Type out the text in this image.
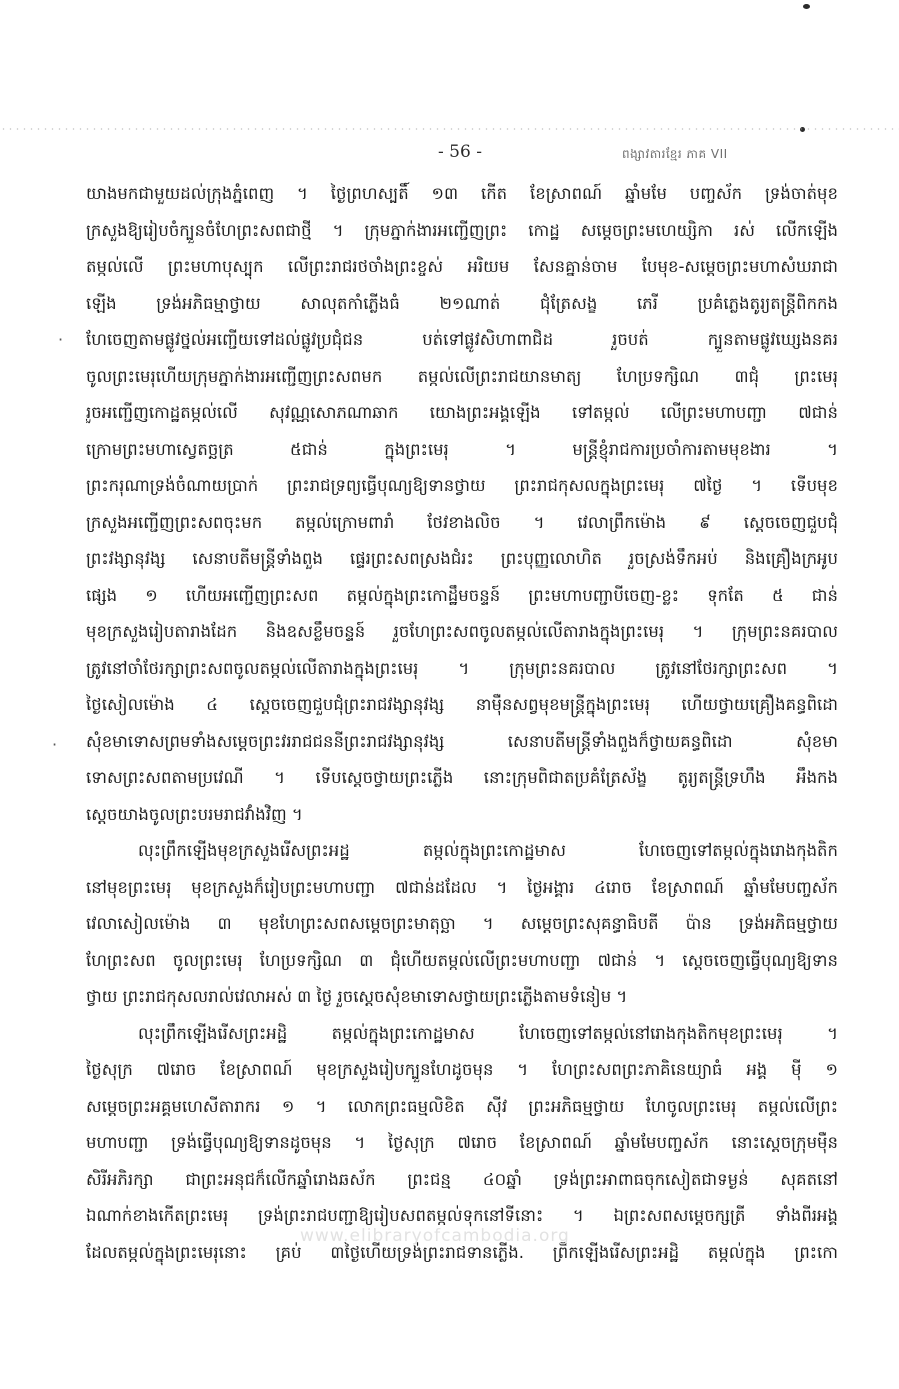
·
·
- 56 -	ពង្សាវតារខ្មែរ ភាគ VII
យាងមកជាមួយដល់ក្រុងភ្នំពេញ ។ ថ្ងៃព្រហស្បតិ៍ ១៣ កើត ខែស្រាពណ៍ ឆ្នាំមមែ បញ្ចស័ក ទ្រង់ចាត់មុខ
ក្រសួងឱ្យរៀបចំក្បួនចំហែព្រះសពជាថ្មី ។ ក្រុមភ្នាក់ងារអញ្ជើញព្រះ កោដ្ឋ សម្តេចព្រះមហេយ្សិកា រស់ លើកឡើង
តម្កល់លើ ព្រះមហាបុស្បុក លើព្រះរាជរថចាំងព្រះខ្ចស់ អរិយម សែនគ្នាន់ចាម បែមុខ-សម្តេចព្រះមហាសំឃរាជា
ឡើង ទ្រង់អភិធម្មាថ្វាយ សាលុតកាំភ្លើងធំ ២១ណាត់ ជុំត្រែសង្ខ ភេរី ប្រគំភ្លេងតូរ្យតន្ត្រីពិកកង
ហែចេញតាមផ្លូវថ្នល់អញ្ជើយទៅដល់ផ្លូវប្រជុំជន បត់ទៅផ្លូវសិហាពាជិដ រួចបត់ ក្បួនតាមផ្លូវឃ្សេងនគរ
ចូលព្រះមេរុហើយក្រុមភ្នាក់ងារអញ្ជើញព្រះសពមក តម្កល់លើព្រះរាជយានមាត្យ ហែប្រទក្សិណ ៣ជុំ ព្រះមេរុ
រួចអញ្ជើញកោដ្ឋតម្កល់លើ សុវណ្ណសោភណាឆាក យោងព្រះអង្គឡើង ទៅតម្កល់ លើព្រះមហាបញ្ជា ៧ជាន់
ក្រោមព្រះមហាសេ្វតច្ឆត្រ ៥ជាន់ ក្នុងព្រះមេរុ ។ មន្ត្រីខ្ញុំរាជការប្រចាំការតាមមុខងារ ។
ព្រះករុណាទ្រង់ចំណាយប្រាក់ ព្រះរាជទ្រព្យធ្វើបុណ្យឱ្យទានថ្វាយ ព្រះរាជកុសលក្នុងព្រះមេរុ ៧ថ្ងៃ ។ ទើបមុខ
ក្រសួងអញ្ជើញព្រះសពចុះមក តម្កល់ក្រោមពារាំ ថែវខាងលិច ។ វេលាព្រឹកម៉ោង ៩ ស្តេចចេញជួបជុំ
ព្រះវង្សានុវង្ស សេនាបតីមន្ត្រីទាំងពួង ផ្ទេរព្រះសពស្រងជំរះ ព្រះបុញ្ញលោហិត រួចស្រង់ទឹកអប់ និងគ្រឿងក្រអូប
ផ្សេង ១ ហើយអញ្ជើញព្រះសព តម្កល់ក្នុងព្រះកោដ្ឋឹមចន្ទន៍ ព្រះមហាបញ្ជាបីចេញ-ខ្លះ ទុកតែ ៥ ជាន់
មុខក្រសួងរៀបតារាងដែក និងឧសខ្លឹមចន្ទន៍ រួចហែព្រះសពចូលតម្កល់លើតារាងក្នុងព្រះមេរុ ។ ក្រុមព្រះនគរបាល
ត្រូវនៅចាំថែរក្សាព្រះសពចូលតម្កល់លើតារាងក្នុងព្រះមេរុ ។ ក្រុមព្រះនគរបាល ត្រូវនៅថែរក្សាព្រះសព ។
ថ្ងៃសៀលម៉ោង ៤ ស្តេចចេញជួបជុំព្រះរាជវង្សានុវង្ស នាម៉ឺនសព្វមុខមន្ត្រីក្នុងព្រះមេរុ ហើយថ្វាយគ្រឿងគន្ធពិដោ
សុំខមាទោសព្រមទាំងសម្តេចព្រះវររាជជននីព្រះរាជវង្សានុវង្ស សេនាបតីមន្ត្រីទាំងពួងក៏ថ្វាយគន្ធពិដោ សុំខមា
ទោសព្រះសពតាមប្រវេណី ។ ទើបស្តេចថ្វាយព្រះភ្លើង នោះក្រុមពិជាតប្រគំត្រែស័ង្ខ តូរ្យតន្ត្រីទ្រហឹង អឹងកង
ស្តេចយាងចូលព្រះបរមរាជវាំងវិញ ។
លុះព្រឹកឡើងមុខក្រសួងរើសព្រះអដ្ឋ តម្កល់ក្នុងព្រះកោដ្ឋមាស ហែចេញទៅតម្កល់ក្នុងរោងកុងតិក
នៅមុខព្រះមេរុ មុខក្រសួងក៏រៀបព្រះមហាបញ្ជា ៧ជាន់ដដែល ។ ថ្ងៃអង្គារ ៤រោច ខែស្រាពណ៍ ឆ្នាំមមែបញ្ចស័ក
វេលាសៀលម៉ោង ៣ មុខហែព្រះសពសម្តេចព្រះមាតុច្ឆា ។ សម្តេចព្រះសុគន្ធាធិបតី ប៉ាន ទ្រង់អភិធម្មថ្វាយ
ហែព្រះសព ចូលព្រះមេរុ ហែប្រទក្សិណ ៣ ជុំហើយតម្កល់លើព្រះមហាបញ្ជា ៧ជាន់ ។ ស្តេចចេញធ្វើបុណ្យឱ្យទាន
ថ្វាយ ព្រះរាជកុសលរាល់វេលាអស់ ៣ ថ្ងៃ រួចស្តេចសុំខមាទោសថ្វាយព្រះភ្លើងតាមទំនៀម ។
លុះព្រឹកឡើងរើសព្រះអដ្ឋិ តម្កល់ក្នុងព្រះកោដ្ឋមាស ហែចេញទៅតម្កល់នៅរោងកុងតិកមុខព្រះមេរុ ។
ថ្ងៃសុក្រ ៧រោច ខែស្រាពណ៍ មុខក្រសួងរៀបក្បួនហែដូចមុន ។ ហែព្រះសពព្រះភាគិនេយ្យាធំ អង្គ ម៉ី ១
សម្តេចព្រះអគ្គមហេសីតារាករ ១ ។ លោកព្រះធម្មលិខិត ស៊ីវ ព្រះអភិធម្មថ្វាយ ហែចូលព្រះមេរុ តម្កល់លើព្រះ
មហាបញ្ជា ទ្រង់ធ្វើបុណ្យឱ្យទានដូចមុន ។ ថ្ងៃសុក្រ ៧រោច ខែស្រាពណ៍ ឆ្នាំមមែបញ្ចស័ក នោះស្តេចក្រុមម៉ឺន
សិរីអភិរក្សា ជាព្រះអនុជក៏លើកឆ្នាំរោងឆស័ក ព្រះជន្ម ៤០ឆ្នាំ ទ្រង់ព្រះអាពាធចុកសៀតជាទម្ងន់ សុគតនៅ
ឯណាក់ខាងកើតព្រះមេរុ ទ្រង់ព្រះរាជបញ្ជាឱ្យរៀបសពតម្កល់ទុកនៅទីនោះ ។ ឯព្រះសពសម្តេចក្សត្រី ទាំងពីរអង្គ
ដែលតម្កល់ក្នុងព្រះមេរុនោះ គ្រប់ ៣ថ្ងៃហើយទ្រង់ព្រះរាជទានភ្លើង. ព្រឹកឡើងរើសព្រះអដ្ឋិ តម្កល់ក្នុង ព្រះកោ
www.elibraryofcambodia.org
